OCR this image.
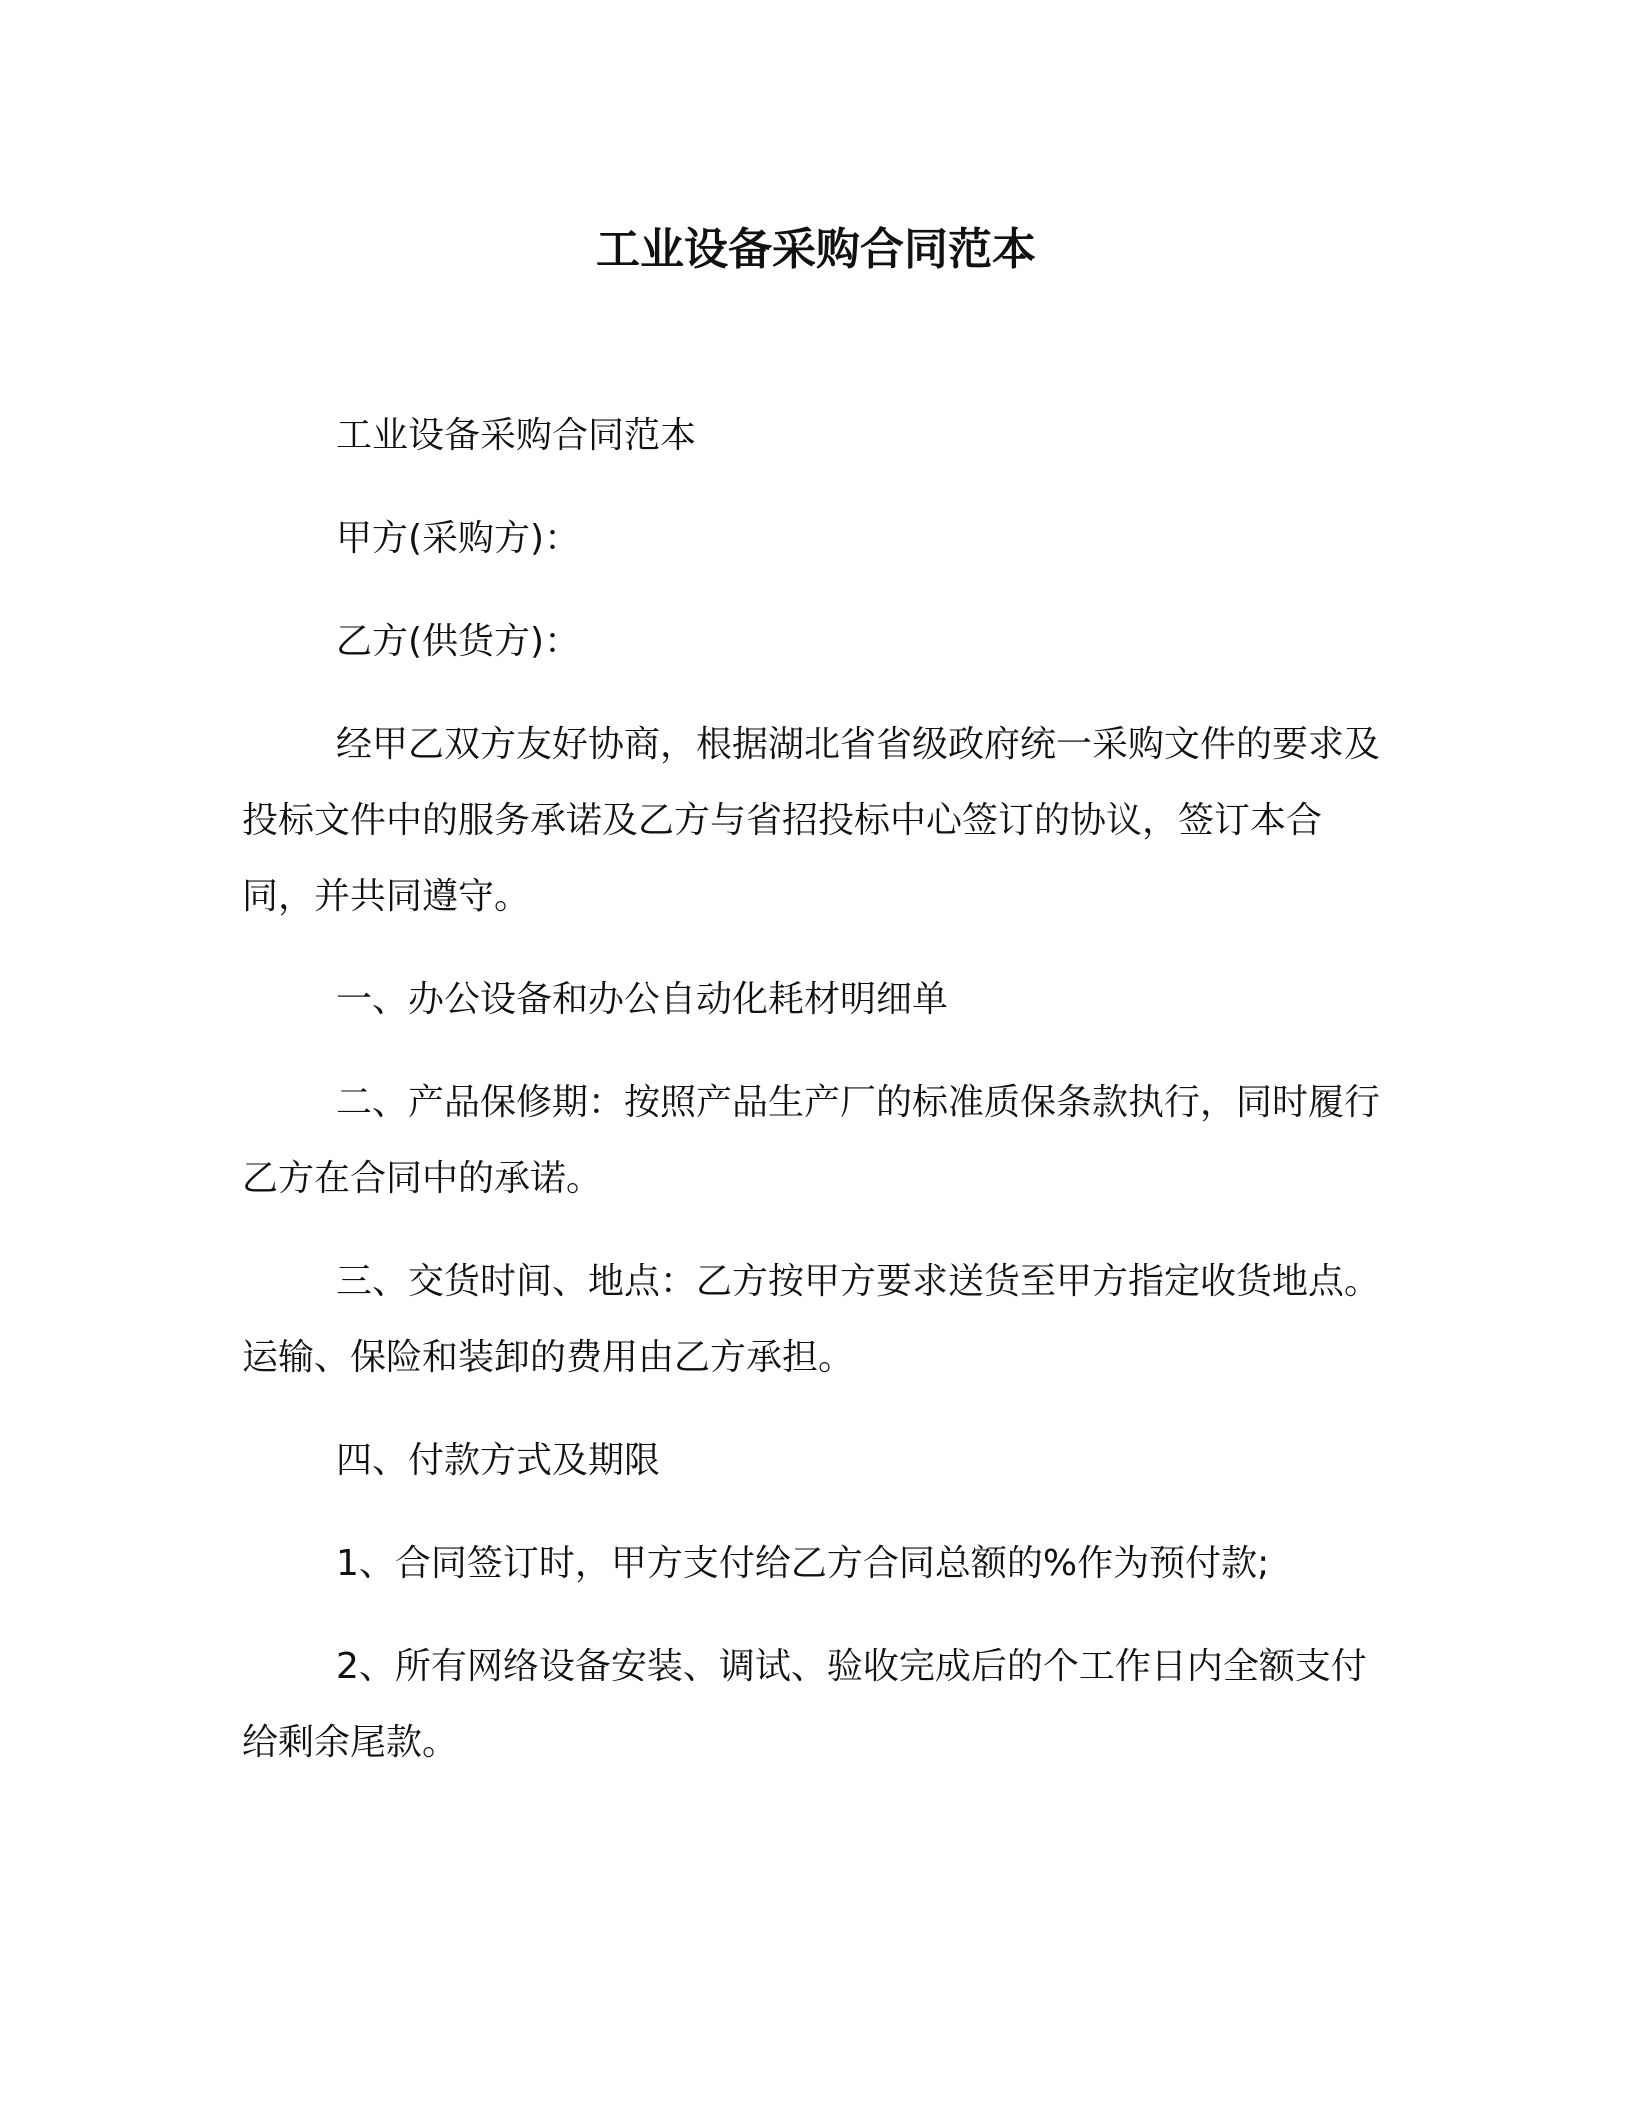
工业设备采购合同范本

工业设备采购合同范本

甲方(采购方)：

乙方(供货方)：

经甲乙双方友好协商，根据湖北省省级政府统一采购文件的要求及投标文件中的服务承诺及乙方与省招投标中心签订的协议，签订本合同，并共同遵守。

一、办公设备和办公自动化耗材明细单

二、产品保修期：按照产品生产厂的标准质保条款执行，同时履行乙方在合同中的承诺。

三、交货时间、地点：乙方按甲方要求送货至甲方指定收货地点。运输、保险和装卸的费用由乙方承担。

四、付款方式及期限

1、合同签订时，甲方支付给乙方合同总额的%作为预付款;

2、所有网络设备安装、调试、验收完成后的个工作日内全额支付给剩余尾款。
